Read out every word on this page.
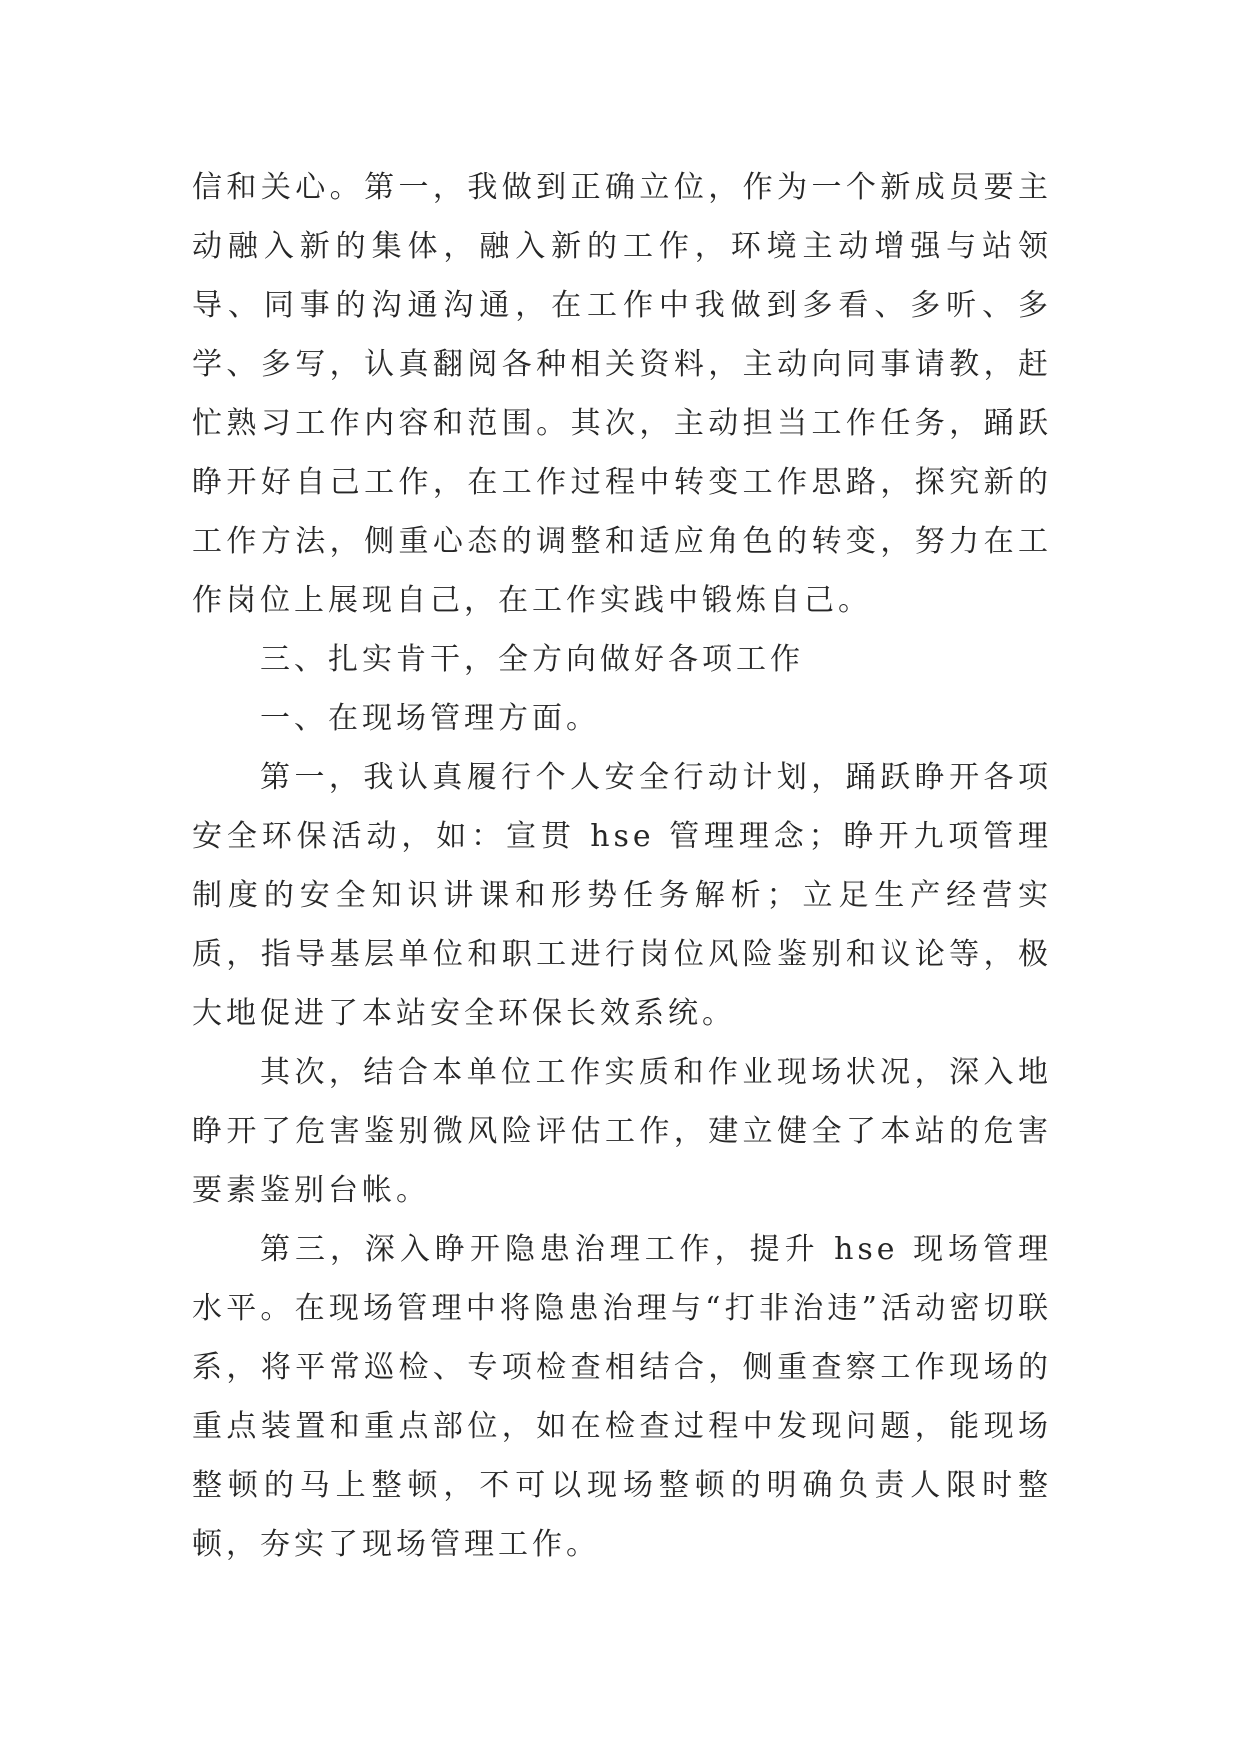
信和关心。第一，我做到正确立位，作为一个新成员要主动融入新的集体，融入新的工作，环境主动增强与站领导、同事的沟通沟通，在工作中我做到多看、多听、多学、多写，认真翻阅各种相关资料，主动向同事请教，赶忙熟习工作内容和范围。其次，主动担当工作任务，踊跃睁开好自己工作，在工作过程中转变工作思路，探究新的工作方法，侧重心态的调整和适应角色的转变，努力在工作岗位上展现自己，在工作实践中锻炼自己。

三、扎实肯干，全方向做好各项工作

一、在现场管理方面。

第一，我认真履行个人安全行动计划，踊跃睁开各项安全环保活动，如：宣贯 hse 管理理念；睁开九项管理制度的安全知识讲课和形势任务解析；立足生产经营实质，指导基层单位和职工进行岗位风险鉴别和议论等，极大地促进了本站安全环保长效系统。

其次，结合本单位工作实质和作业现场状况，深入地睁开了危害鉴别微风险评估工作，建立健全了本站的危害要素鉴别台帐。

第三，深入睁开隐患治理工作，提升 hse 现场管理水平。在现场管理中将隐患治理与“打非治违”活动密切联系，将平常巡检、专项检查相结合，侧重查察工作现场的重点装置和重点部位，如在检查过程中发现问题，能现场整顿的马上整顿，不可以现场整顿的明确负责人限时整顿，夯实了现场管理工作。
